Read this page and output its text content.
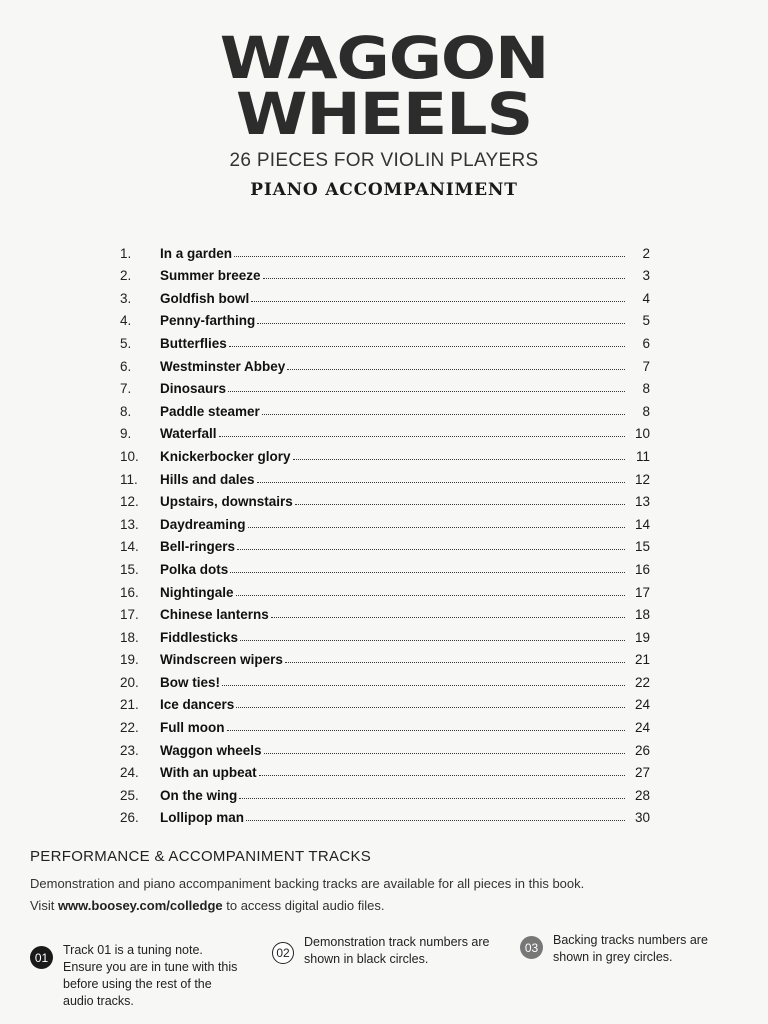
WAGGON
WHEELS
26 PIECES FOR VIOLIN PLAYERS
PIANO ACCOMPANIMENT
1.	In a garden	2
2.	Summer breeze	3
3.	Goldfish bowl	4
4.	Penny-farthing	5
5.	Butterflies	6
6.	Westminster Abbey	7
7.	Dinosaurs	8
8.	Paddle steamer	8
9.	Waterfall	10
10.	Knickerbocker glory	11
11.	Hills and dales	12
12.	Upstairs, downstairs	13
13.	Daydreaming	14
14.	Bell-ringers	15
15.	Polka dots	16
16.	Nightingale	17
17.	Chinese lanterns	18
18.	Fiddlesticks	19
19.	Windscreen wipers	21
20.	Bow ties!	22
21.	Ice dancers	24
22.	Full moon	24
23.	Waggon wheels	26
24.	With an upbeat	27
25.	On the wing	28
26.	Lollipop man	30
PERFORMANCE & ACCOMPANIMENT TRACKS
Demonstration and piano accompaniment backing tracks are available for all pieces in this book.
Visit www.boosey.com/colledge to access digital audio files.
01
Track 01 is a tuning note. Ensure you are in tune with this before using the rest of the audio tracks.
02
Demonstration track numbers are shown in black circles.
03
Backing tracks numbers are shown in grey circles.
